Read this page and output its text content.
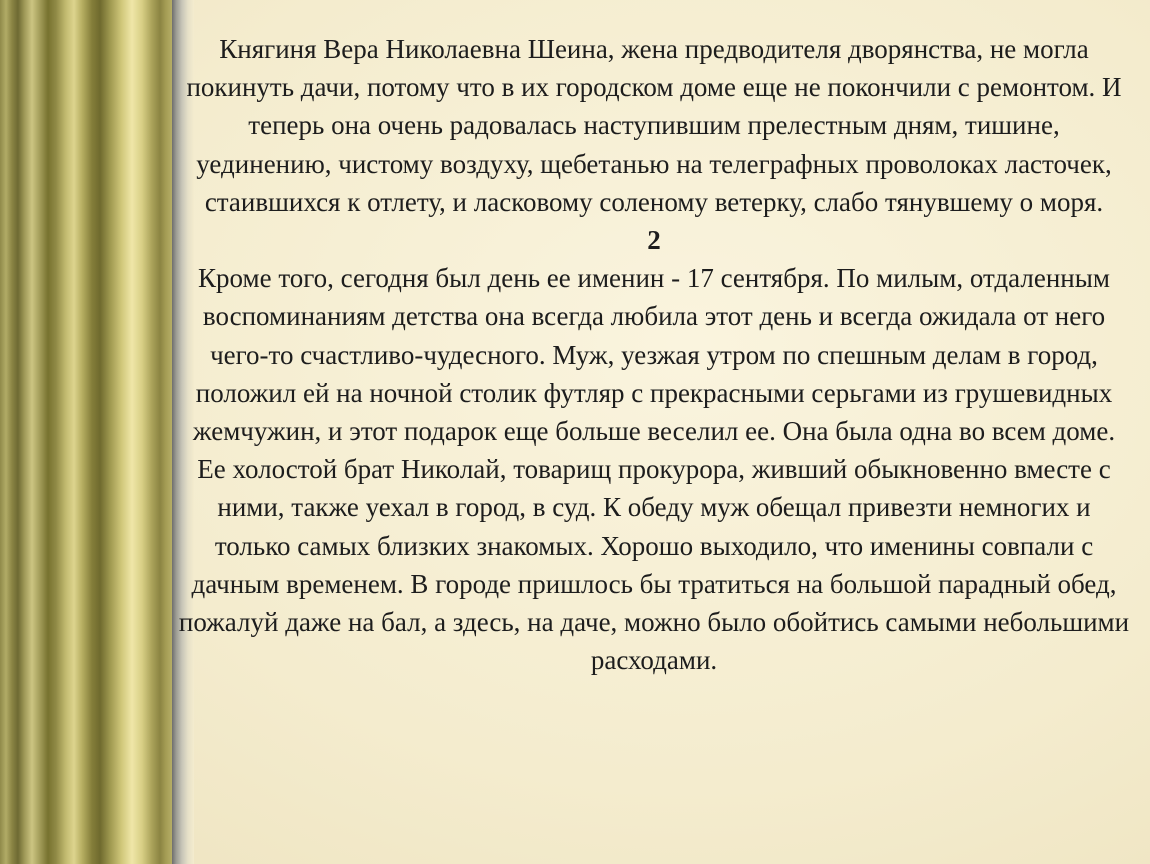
Княгиня Вера Николаевна Шеина, жена предводителя дворянства, не могла покинуть дачи, потому что в их городском доме еще не покончили с ремонтом. И теперь она очень радовалась наступившим прелестным дням, тишине, уединению, чистому воздуху, щебетанью на телеграфных проволоках ласточек, стаившихся к отлету, и ласковому соленому ветерку, слабо тянувшему о моря.

2

Кроме того, сегодня был день ее именин - 17 сентября. По милым, отдаленным воспоминаниям детства она всегда любила этот день и всегда ожидала от него чего-то счастливо-чудесного. Муж, уезжая утром по спешным делам в город, положил ей на ночной столик футляр с прекрасными серьгами из грушевидных жемчужин, и этот подарок еще больше веселил ее. Она была одна во всем доме. Ее холостой брат Николай, товарищ прокурора, живший обыкновенно вместе с ними, также уехал в город, в суд. К обеду муж обещал привезти немногих и только самых близких знакомых. Хорошо выходило, что именины совпали с дачным временем. В городе пришлось бы тратиться на большой парадный обед, пожалуй даже на бал, а здесь, на даче, можно было обойтись самыми небольшими расходами.
